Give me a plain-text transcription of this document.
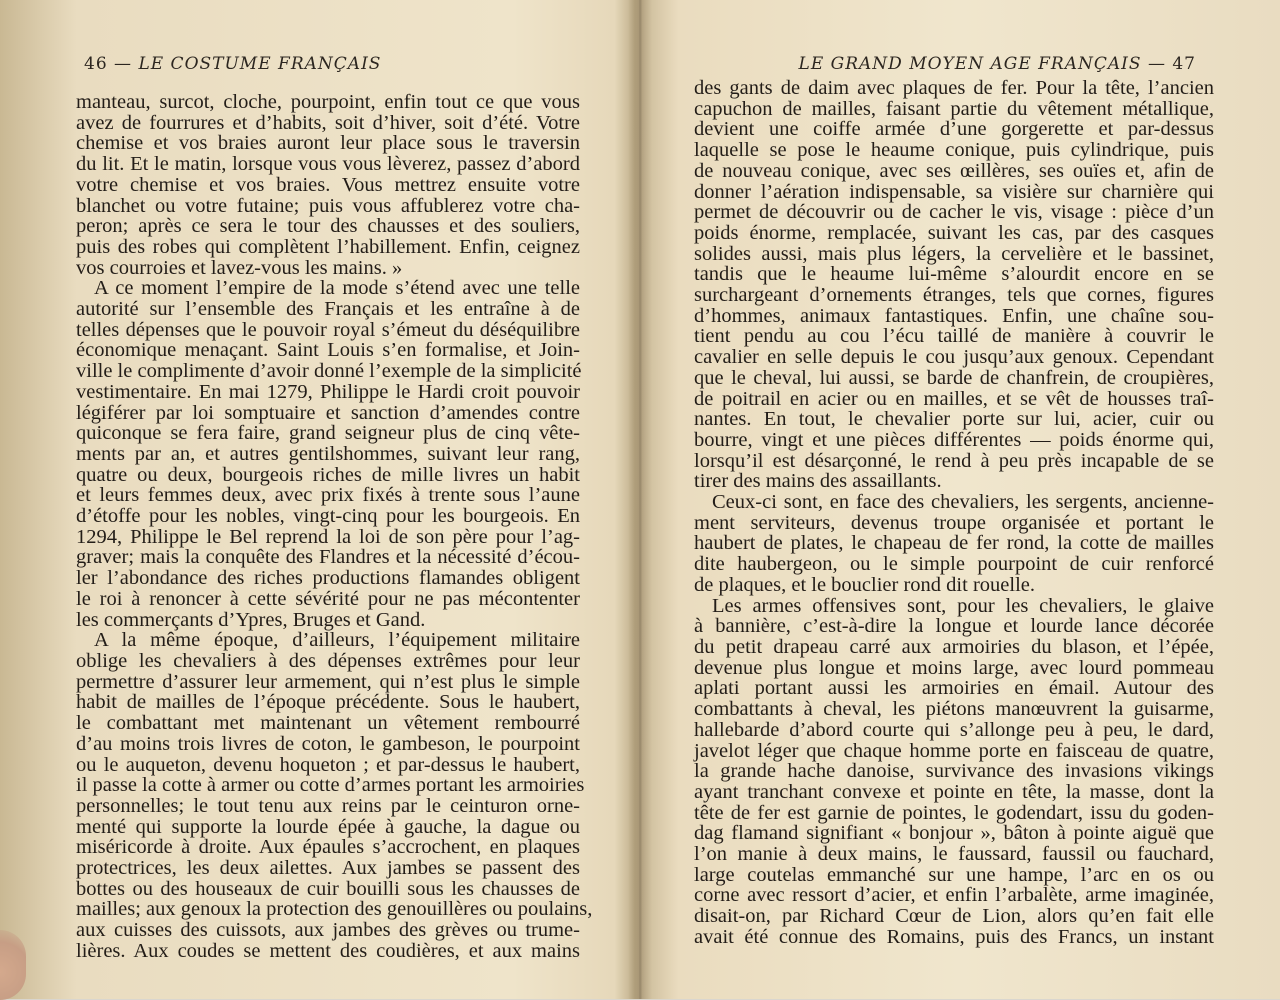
46 — LE COSTUME FRANÇAIS
manteau, surcot, cloche, pourpoint, enfin tout ce que vous
avez de fourrures et d’habits, soit d’hiver, soit d’été. Votre
chemise et vos braies auront leur place sous le traversin
du lit. Et le matin, lorsque vous vous lèverez, passez d’abord
votre chemise et vos braies. Vous mettrez ensuite votre
blanchet ou votre futaine; puis vous affublerez votre cha-
peron; après ce sera le tour des chausses et des souliers,
puis des robes qui complètent l’habillement. Enfin, ceignez
vos courroies et lavez-vous les mains. »
A ce moment l’empire de la mode s’étend avec une telle
autorité sur l’ensemble des Français et les entraîne à de
telles dépenses que le pouvoir royal s’émeut du déséquilibre
économique menaçant. Saint Louis s’en formalise, et Join-
ville le complimente d’avoir donné l’exemple de la simplicité
vestimentaire. En mai 1279, Philippe le Hardi croit pouvoir
légiférer par loi somptuaire et sanction d’amendes contre
quiconque se fera faire, grand seigneur plus de cinq vête-
ments par an, et autres gentilshommes, suivant leur rang,
quatre ou deux, bourgeois riches de mille livres un habit
et leurs femmes deux, avec prix fixés à trente sous l’aune
d’étoffe pour les nobles, vingt-cinq pour les bourgeois. En
1294, Philippe le Bel reprend la loi de son père pour l’ag-
graver; mais la conquête des Flandres et la nécessité d’écou-
ler l’abondance des riches productions flamandes obligent
le roi à renoncer à cette sévérité pour ne pas mécontenter
les commerçants d’Ypres, Bruges et Gand.
A la même époque, d’ailleurs, l’équipement militaire
oblige les chevaliers à des dépenses extrêmes pour leur
permettre d’assurer leur armement, qui n’est plus le simple
habit de mailles de l’époque précédente. Sous le haubert,
le combattant met maintenant un vêtement rembourré
d’au moins trois livres de coton, le gambeson, le pourpoint
ou le auqueton, devenu hoqueton ; et par-dessus le haubert,
il passe la cotte à armer ou cotte d’armes portant les armoiries
personnelles; le tout tenu aux reins par le ceinturon orne-
menté qui supporte la lourde épée à gauche, la dague ou
miséricorde à droite. Aux épaules s’accrochent, en plaques
protectrices, les deux ailettes. Aux jambes se passent des
bottes ou des houseaux de cuir bouilli sous les chausses de
mailles; aux genoux la protection des genouillères ou poulains,
aux cuisses des cuissots, aux jambes des grèves ou trume-
lières. Aux coudes se mettent des coudières, et aux mains
LE GRAND MOYEN AGE FRANÇAIS — 47
des gants de daim avec plaques de fer. Pour la tête, l’ancien
capuchon de mailles, faisant partie du vêtement métallique,
devient une coiffe armée d’une gorgerette et par-dessus
laquelle se pose le heaume conique, puis cylindrique, puis
de nouveau conique, avec ses œillères, ses ouïes et, afin de
donner l’aération indispensable, sa visière sur charnière qui
permet de découvrir ou de cacher le vis, visage : pièce d’un
poids énorme, remplacée, suivant les cas, par des casques
solides aussi, mais plus légers, la cervelière et le bassinet,
tandis que le heaume lui-même s’alourdit encore en se
surchargeant d’ornements étranges, tels que cornes, figures
d’hommes, animaux fantastiques. Enfin, une chaîne sou-
tient pendu au cou l’écu taillé de manière à couvrir le
cavalier en selle depuis le cou jusqu’aux genoux. Cependant
que le cheval, lui aussi, se barde de chanfrein, de croupières,
de poitrail en acier ou en mailles, et se vêt de housses traî-
nantes. En tout, le chevalier porte sur lui, acier, cuir ou
bourre, vingt et une pièces différentes — poids énorme qui,
lorsqu’il est désarçonné, le rend à peu près incapable de se
tirer des mains des assaillants.
Ceux-ci sont, en face des chevaliers, les sergents, ancienne-
ment serviteurs, devenus troupe organisée et portant le
haubert de plates, le chapeau de fer rond, la cotte de mailles
dite haubergeon, ou le simple pourpoint de cuir renforcé
de plaques, et le bouclier rond dit rouelle.
Les armes offensives sont, pour les chevaliers, le glaive
à bannière, c’est-à-dire la longue et lourde lance décorée
du petit drapeau carré aux armoiries du blason, et l’épée,
devenue plus longue et moins large, avec lourd pommeau
aplati portant aussi les armoiries en émail. Autour des
combattants à cheval, les piétons manœuvrent la guisarme,
hallebarde d’abord courte qui s’allonge peu à peu, le dard,
javelot léger que chaque homme porte en faisceau de quatre,
la grande hache danoise, survivance des invasions vikings
ayant tranchant convexe et pointe en tête, la masse, dont la
tête de fer est garnie de pointes, le godendart, issu du goden-
dag flamand signifiant « bonjour », bâton à pointe aiguë que
l’on manie à deux mains, le faussard, faussil ou fauchard,
large coutelas emmanché sur une hampe, l’arc en os ou
corne avec ressort d’acier, et enfin l’arbalète, arme imaginée,
disait-on, par Richard Cœur de Lion, alors qu’en fait elle
avait été connue des Romains, puis des Francs, un instant
